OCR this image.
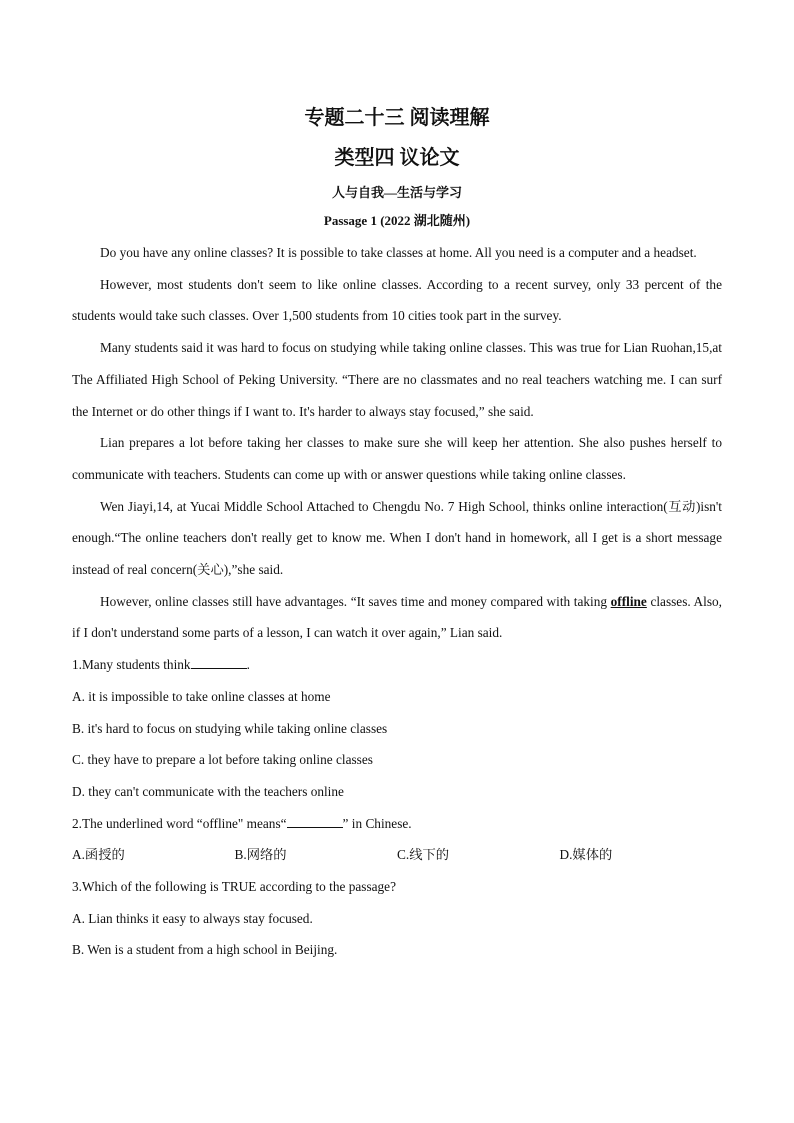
专题二十三 阅读理解
类型四 议论文
人与自我—生活与学习
Passage 1 (2022 湖北随州)

Do you have any online classes? It is possible to take classes at home. All you need is a computer and a headset.

However, most students don't seem to like online classes. According to a recent survey, only 33 percent of the students would take such classes. Over 1,500 students from 10 cities took part in the survey.

Many students said it was hard to focus on studying while taking online classes. This was true for Lian Ruohan,15,at The Affiliated High School of Peking University. “There are no classmates and no real teachers watching me. I can surf the Internet or do other things if I want to. It's harder to always stay focused,” she said.

Lian prepares a lot before taking her classes to make sure she will keep her attention. She also pushes herself to communicate with teachers. Students can come up with or answer questions while taking online classes.

Wen Jiayi,14, at Yucai Middle School Attached to Chengdu No. 7 High School, thinks online interaction(互动)isn't enough.“The online teachers don't really get to know me. When I don't hand in homework, all I get is a short message instead of real concern(关心),”she said.

However, online classes still have advantages. “It saves time and money compared with taking offline classes. Also, if I don't understand some parts of a lesson, I can watch it over again,” Lian said.

1.Many students think	.

A. it is impossible to take online classes at home

B. it's hard to focus on studying while taking online classes

C. they have to prepare a lot before taking online classes

D. they can't communicate with the teachers online

2.The underlined word “offline" means“	” in Chinese.

A.函授的	B.网络的	C.线下的	D.媒体的

3.Which of the following is TRUE according to the passage?

A. Lian thinks it easy to always stay focused.

B. Wen is a student from a high school in Beijing.
